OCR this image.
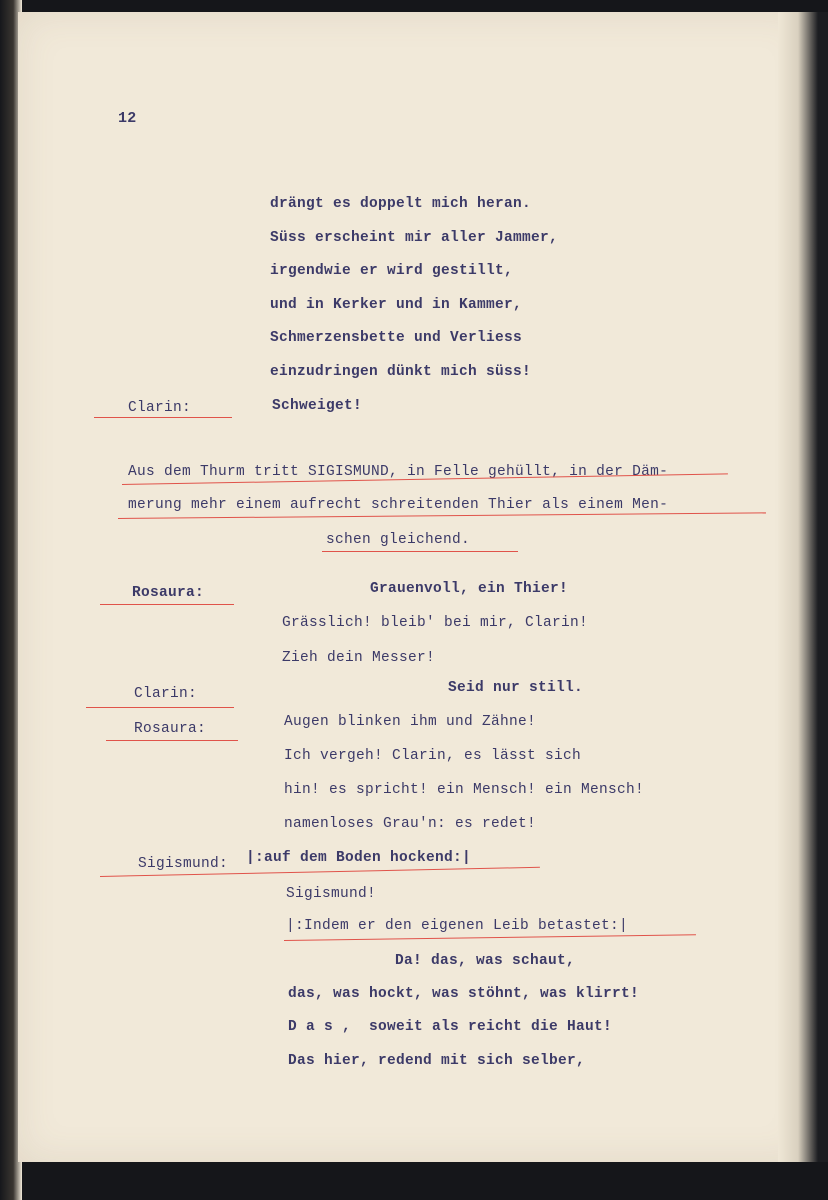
12
drängt es doppelt mich heran.
Süss erscheint mir aller Jammer,
irgendwie er wird gestillt,
und in Kerker und in Kammer,
Schmerzensbette und Verliess
einzudringen dünkt mich süss!
Clarin:	Schweiget!
Aus dem Thurm tritt SIGISMUND, in Felle gehüllt, in der Däm-
merung mehr einem aufrecht schreitenden Thier als einem Men-
schen gleichend.
Rosaura:	Grauenvoll, ein Thier!
Grässlich! bleib' bei mir, Clarin!
Zieh dein Messer!
Clarin:	Seid nur still.
Rosaura:	Augen blinken ihm und Zähne!
Ich vergeh! Clarin, es lässt sich
hin! es spricht! ein Mensch! ein Mensch!
namenloses Grau'n: es redet!
Sigismund: |:auf dem Boden hockend:|
Sigismund!
|:Indem er den eigenen Leib betastet:|
Da! das, was schaut,
das, was hockt, was stöhnt, was klirrt!
D a s ,  soweit als reicht die Haut!
Das hier, redend mit sich selber,
